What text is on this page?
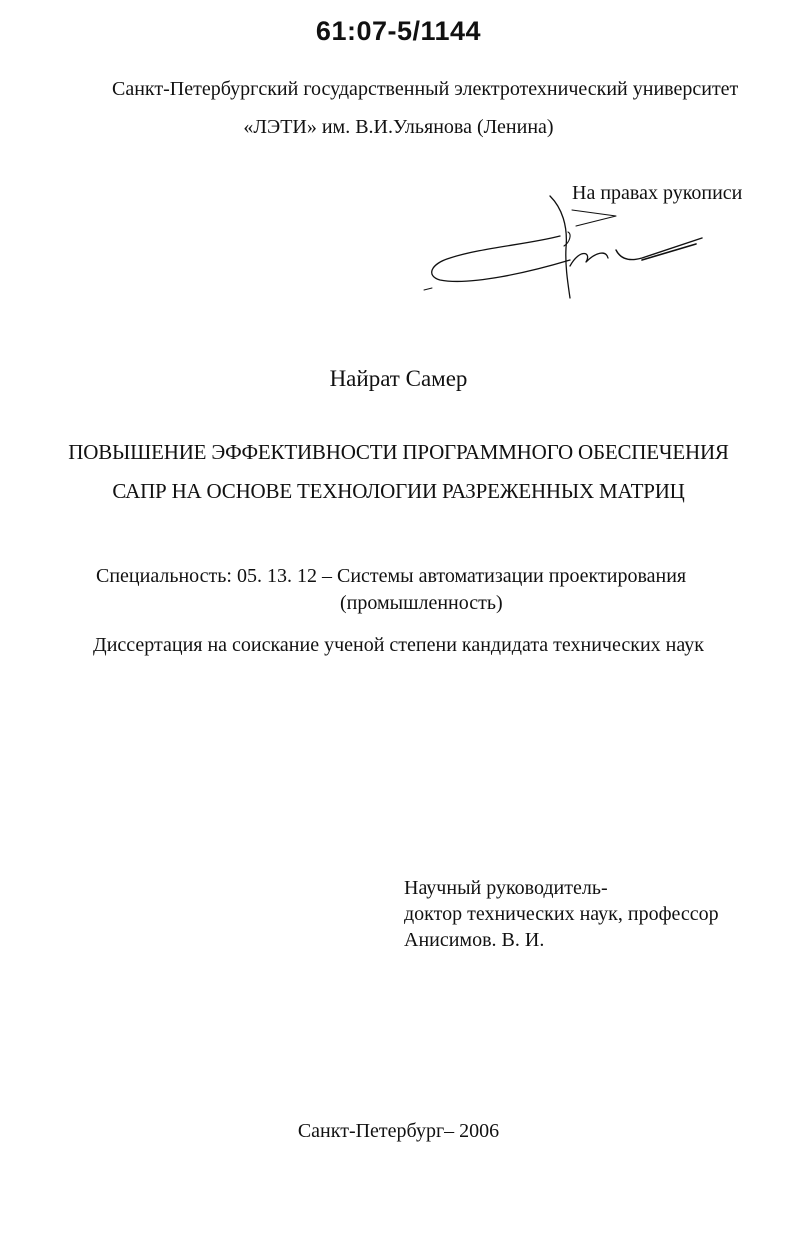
61:07-5/1144
Санкт-Петербургский государственный электротехнический университет
«ЛЭТИ» им. В.И.Ульянова (Ленина)
На правах рукописи
Найрат Самер
ПОВЫШЕНИЕ ЭФФЕКТИВНОСТИ ПРОГРАММНОГО ОБЕСПЕЧЕНИЯ
САПР НА ОСНОВЕ ТЕХНОЛОГИИ РАЗРЕЖЕННЫХ МАТРИЦ
Специальность: 05. 13. 12 – Системы автоматизации проектирования
(промышленность)
Диссертация на соискание ученой степени кандидата технических наук
Научный руководитель-
доктор технических наук, профессор
Анисимов. В. И.
Санкт-Петербург– 2006
